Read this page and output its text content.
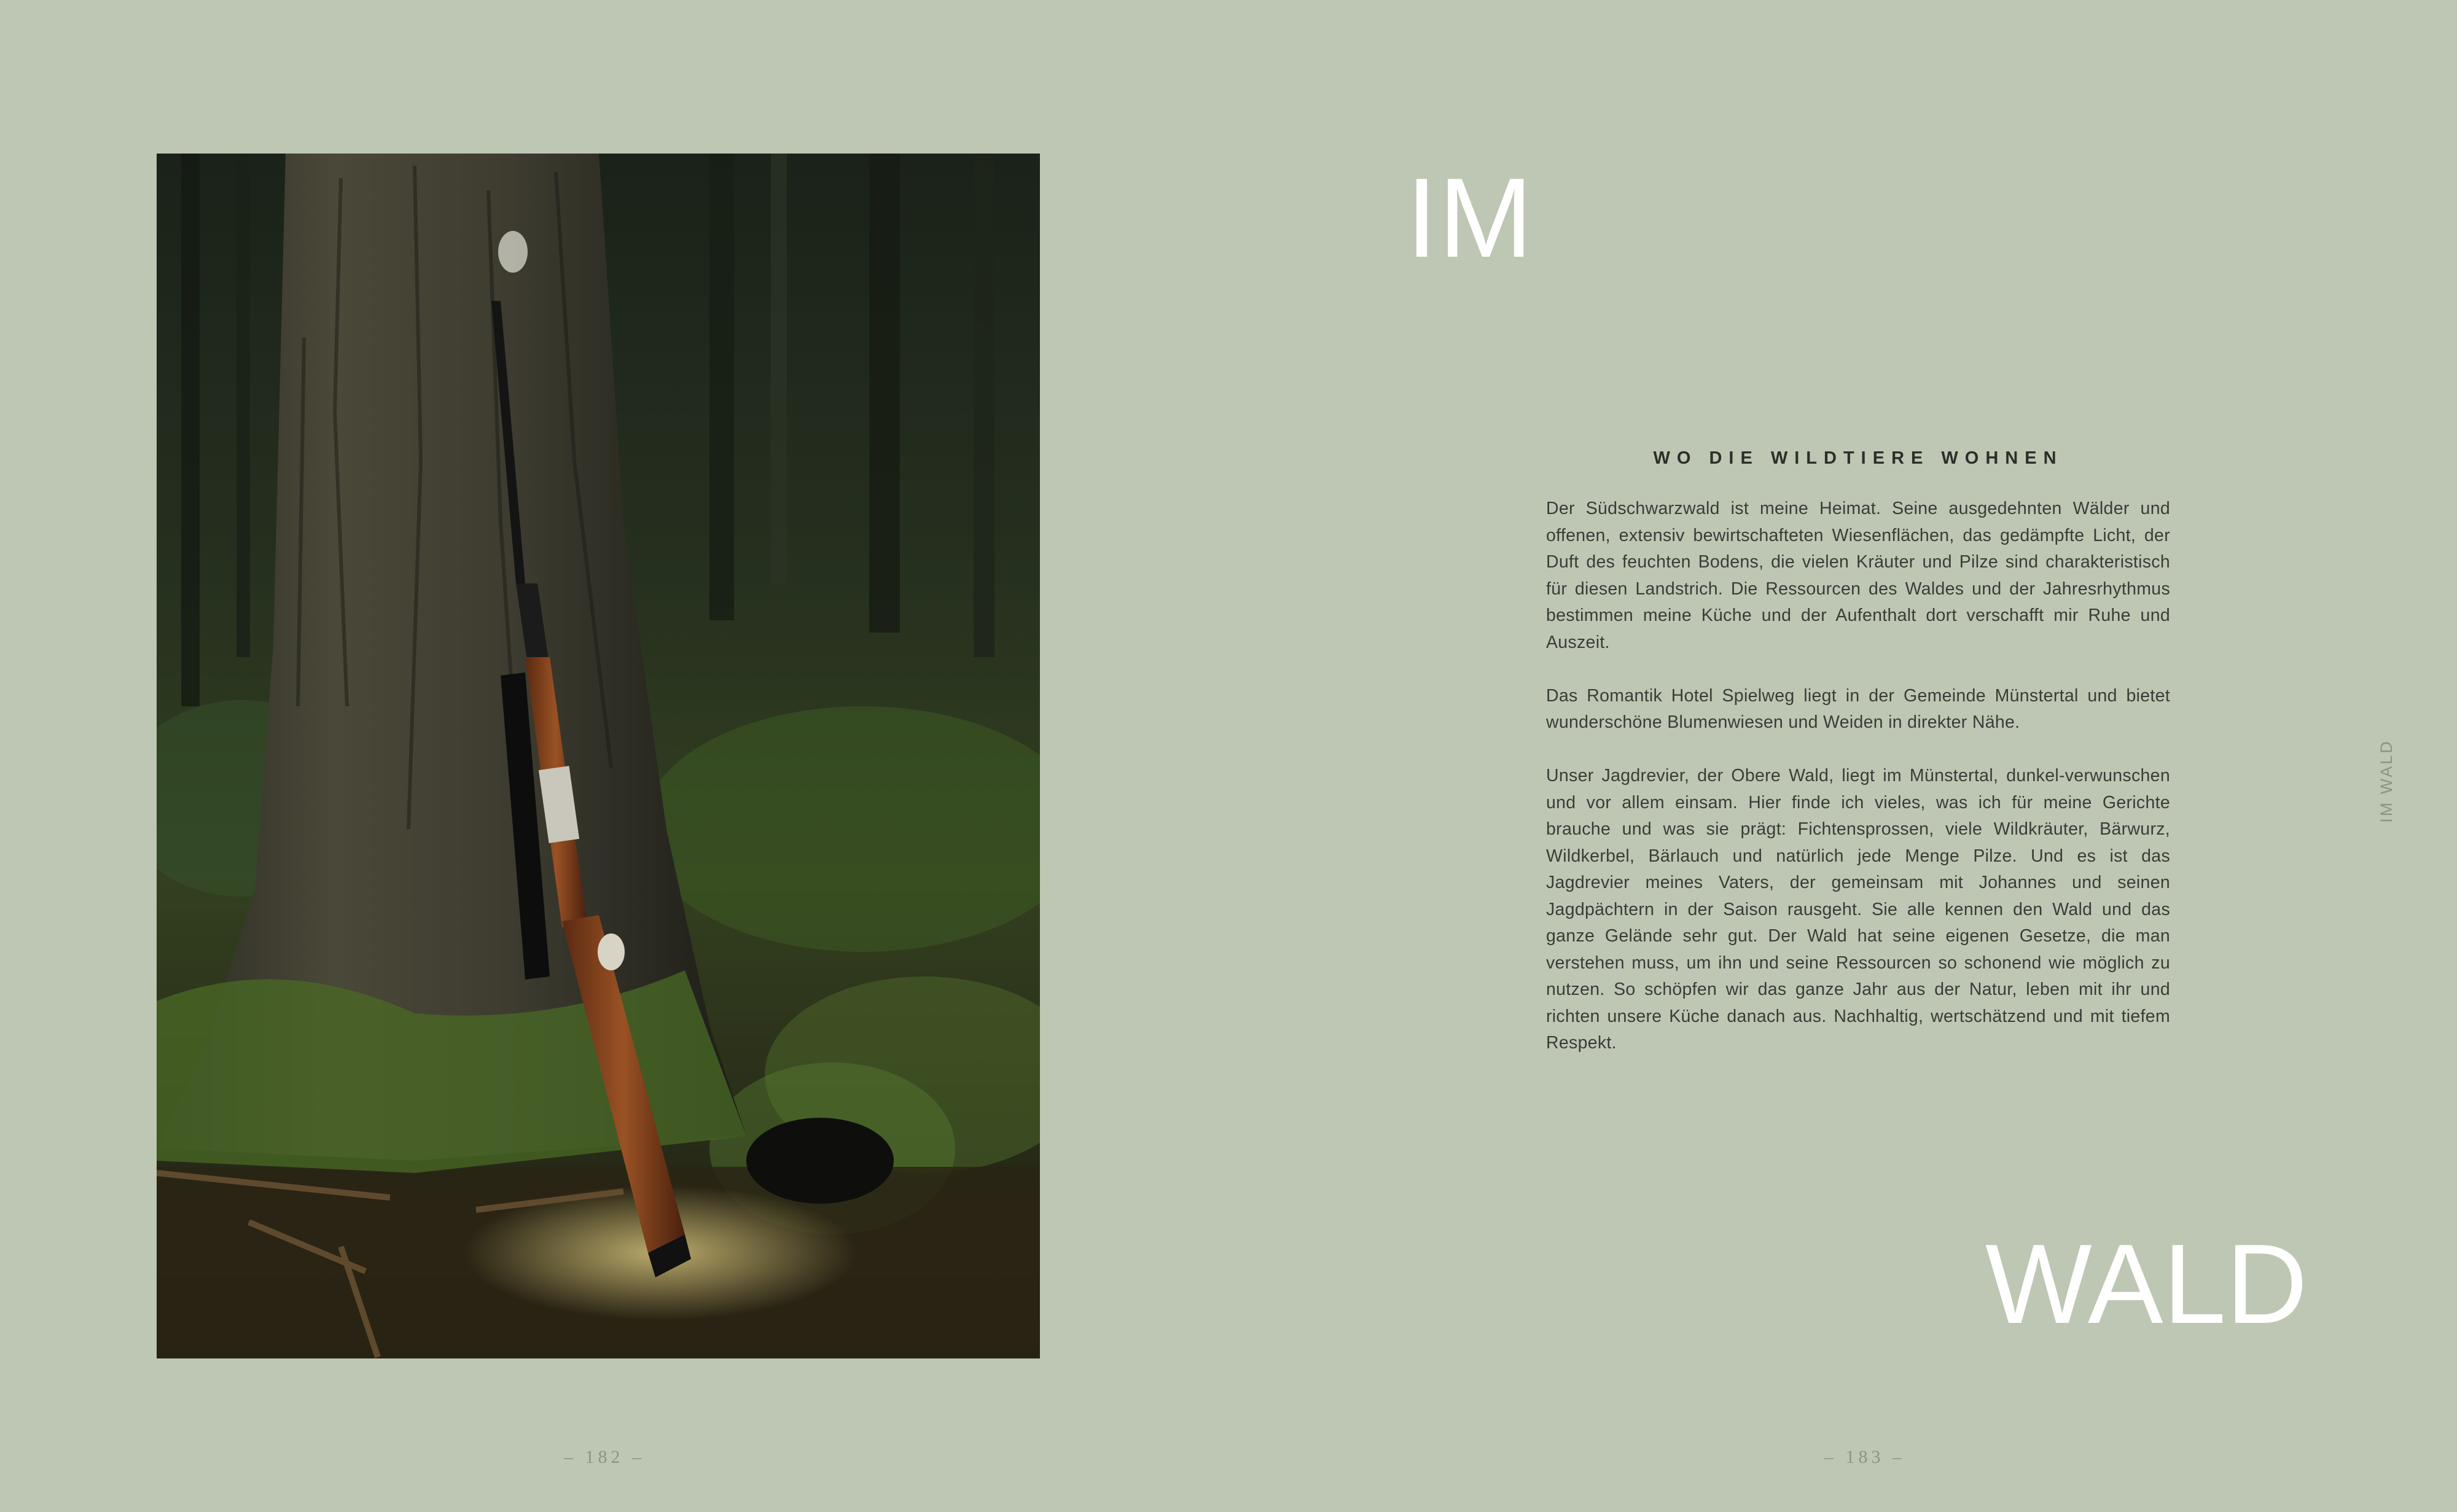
– 182 –
IM
WO DIE WILDTIERE WOHNEN

Der Südschwarzwald ist meine Heimat. Seine ausgedehnten Wälder und offenen, extensiv bewirtschafteten Wiesenflächen, das gedämpfte Licht, der Duft des feuchten Bodens, die vielen Kräuter und Pilze sind charakteristisch für diesen Landstrich. Die Ressourcen des Waldes und der Jahresrhythmus bestimmen meine Küche und der Aufenthalt dort verschafft mir Ruhe und Auszeit.

Das Romantik Hotel Spielweg liegt in der Gemeinde Münstertal und bietet wunderschöne Blumenwiesen und Weiden in direkter Nähe.

Unser Jagdrevier, der Obere Wald, liegt im Münstertal, dunkel-verwunschen und vor allem einsam. Hier finde ich vieles, was ich für meine Gerichte brauche und was sie prägt: Fichtensprossen, viele Wildkräuter, Bärwurz, Wildkerbel, Bärlauch und natürlich jede Menge Pilze. Und es ist das Jagdrevier meines Vaters, der gemeinsam mit Johannes und seinen Jagdpächtern in der Saison rausgeht. Sie alle kennen den Wald und das ganze Gelände sehr gut. Der Wald hat seine eigenen Gesetze, die man verstehen muss, um ihn und seine Ressourcen so schonend wie möglich zu nutzen. So schöpfen wir das ganze Jahr aus der Natur, leben mit ihr und richten unsere Küche danach aus. Nachhaltig, wertschätzend und mit tiefem Respekt.

WALD
IM WALD
– 183 –
